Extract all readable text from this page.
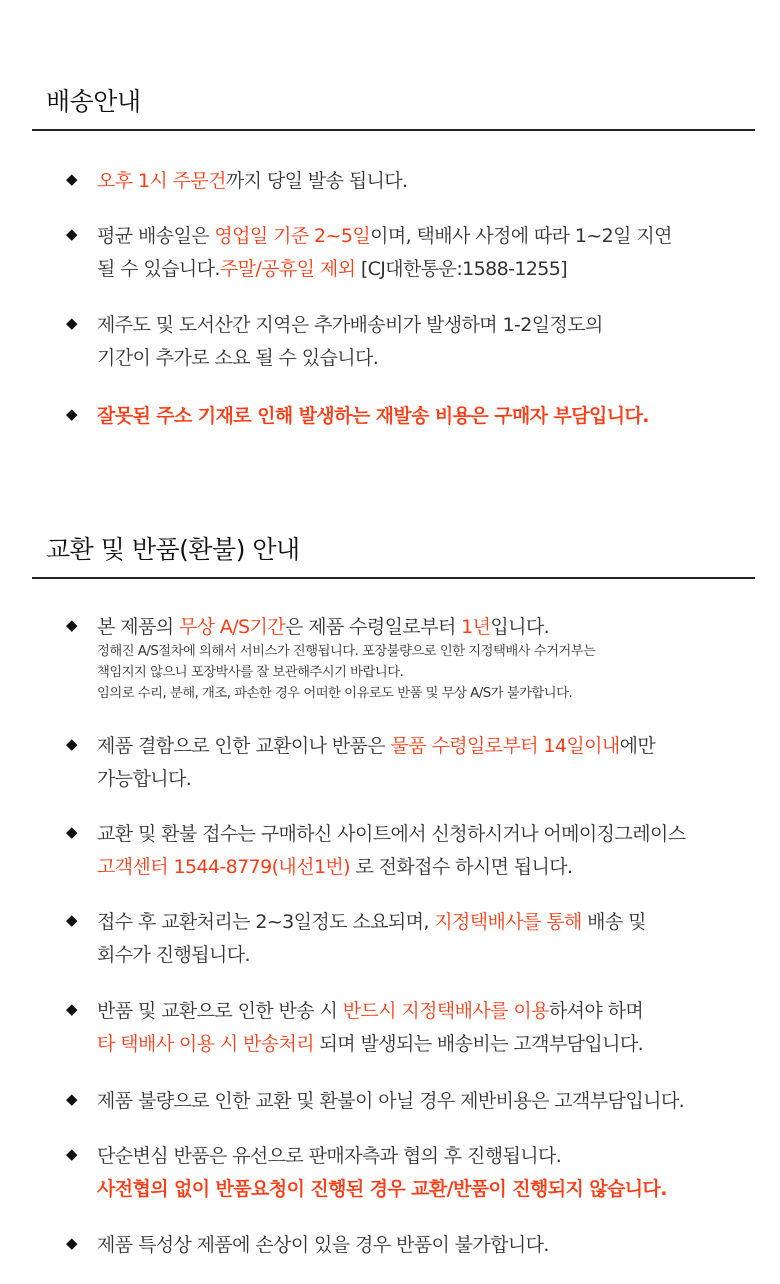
배송안내
◆ 오후 1시 주문건까지 당일 발송 됩니다.
◆ 평균 배송일은 영업일 기준 2~5일이며, 택배사 사정에 따라 1~2일 지연
될 수 있습니다.주말/공휴일 제외 [CJ대한통운:1588-1255]
◆ 제주도 및 도서산간 지역은 추가배송비가 발생하며 1-2일정도의
기간이 추가로 소요 될 수 있습니다.
◆ 잘못된 주소 기재로 인해 발생하는 재발송 비용은 구매자 부담입니다.
교환 및 반품(환불) 안내
◆ 본 제품의 무상 A/S기간은 제품 수령일로부터 1년입니다.
정해진 A/S절차에 의해서 서비스가 진행됩니다. 포장불량으로 인한 지정택배사 수거거부는
책임지지 않으니 포장박사를 잘 보관해주시기 바랍니다.
임의로 수리, 분해, 개조, 파손한 경우 어떠한 이유로도 반품 및 무상 A/S가 불가합니다.
◆ 제품 결함으로 인한 교환이나 반품은 물품 수령일로부터 14일이내에만
가능합니다.
◆ 교환 및 환불 접수는 구매하신 사이트에서 신청하시거나 어메이징그레이스
고객센터 1544-8779(내선1번) 로 전화접수 하시면 됩니다.
◆ 접수 후 교환처리는 2~3일정도 소요되며, 지정택배사를 통해 배송 및
회수가 진행됩니다.
◆ 반품 및 교환으로 인한 반송 시 반드시 지정택배사를 이용하셔야 하며
타 택배사 이용 시 반송처리 되며 발생되는 배송비는 고객부담입니다.
◆ 제품 불량으로 인한 교환 및 환불이 아닐 경우 제반비용은 고객부담입니다.
◆ 단순변심 반품은 유선으로 판매자측과 협의 후 진행됩니다.
사전협의 없이 반품요청이 진행된 경우 교환/반품이 진행되지 않습니다.
◆ 제품 특성상 제품에 손상이 있을 경우 반품이 불가합니다.
